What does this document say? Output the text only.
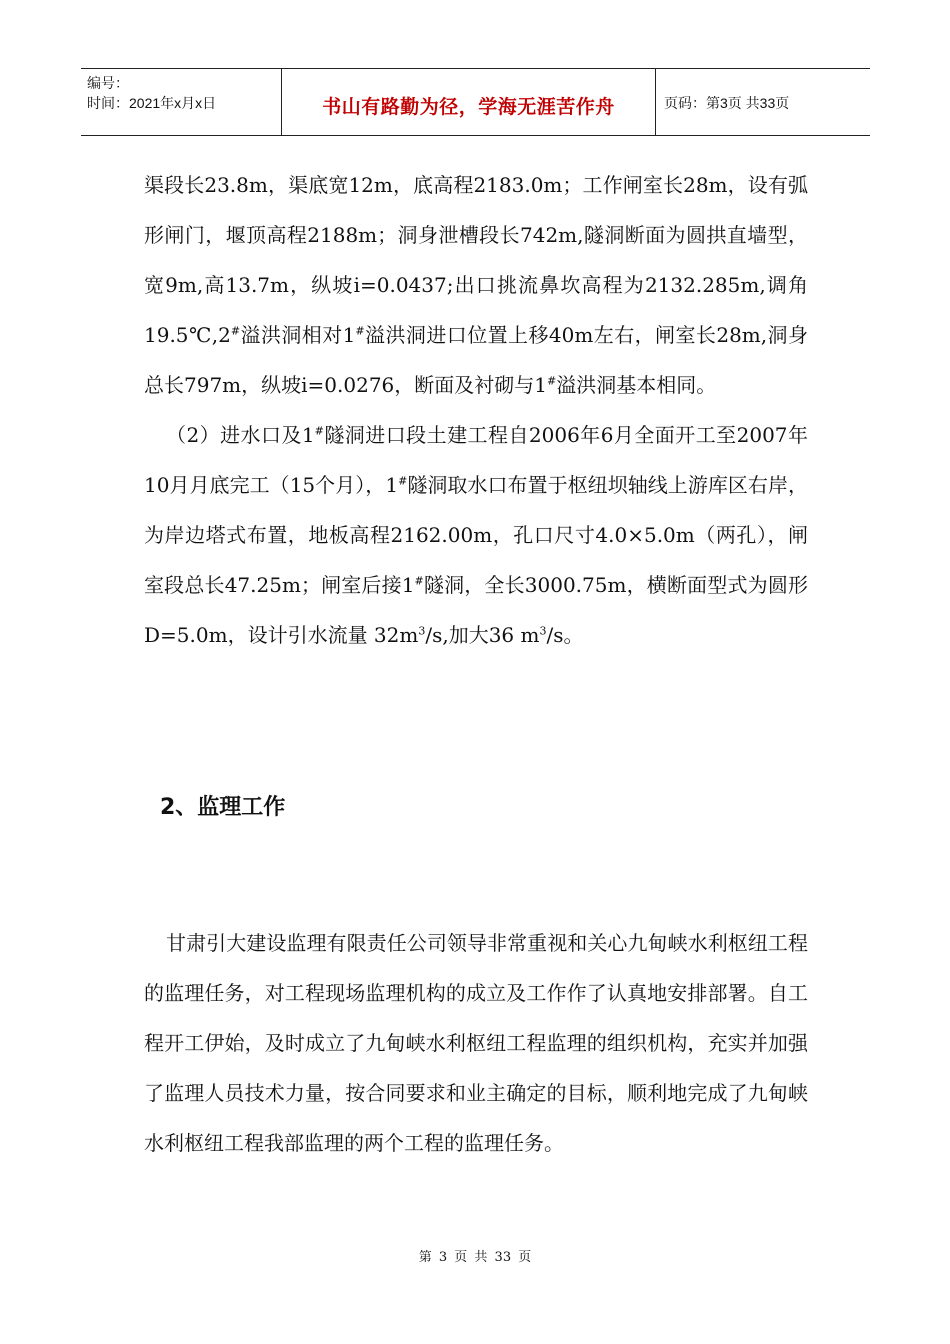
编号：
时间：2021年x月x日	书山有路勤为径，学海无涯苦作舟	页码：第3页 共33页

渠段长23.8m，渠底宽12m，底高程2183.0m；工作闸室长28m，设有弧形闸门，堰顶高程2188m；洞身泄槽段长742m,隧洞断面为圆拱直墙型，宽9m,高13.7m，纵坡i=0.0437;出口挑流鼻坎高程为2132.285m,调角19.5℃,2#溢洪洞相对1#溢洪洞进口位置上移40m左右，闸室长28m,洞身总长797m，纵坡i=0.0276，断面及衬砌与1#溢洪洞基本相同。

（2）进水口及1#隧洞进口段土建工程自2006年6月全面开工至2007年10月月底完工（15个月），1#隧洞取水口布置于枢纽坝轴线上游库区右岸，为岸边塔式布置，地板高程2162.00m，孔口尺寸4.0×5.0m（两孔），闸室段总长47.25m；闸室后接1#隧洞，全长3000.75m，横断面型式为圆形D=5.0m，设计引水流量 $32m^3/s$,加大36 $m^3/s$。

2、监理工作

甘肃引大建设监理有限责任公司领导非常重视和关心九甸峡水利枢纽工程的监理任务，对工程现场监理机构的成立及工作作了认真地安排部署。自工程开工伊始，及时成立了九甸峡水利枢纽工程监理的组织机构，充实并加强了监理人员技术力量，按合同要求和业主确定的目标，顺利地完成了九甸峡水利枢纽工程我部监理的两个工程的监理任务。

第 3 页 共 33 页
